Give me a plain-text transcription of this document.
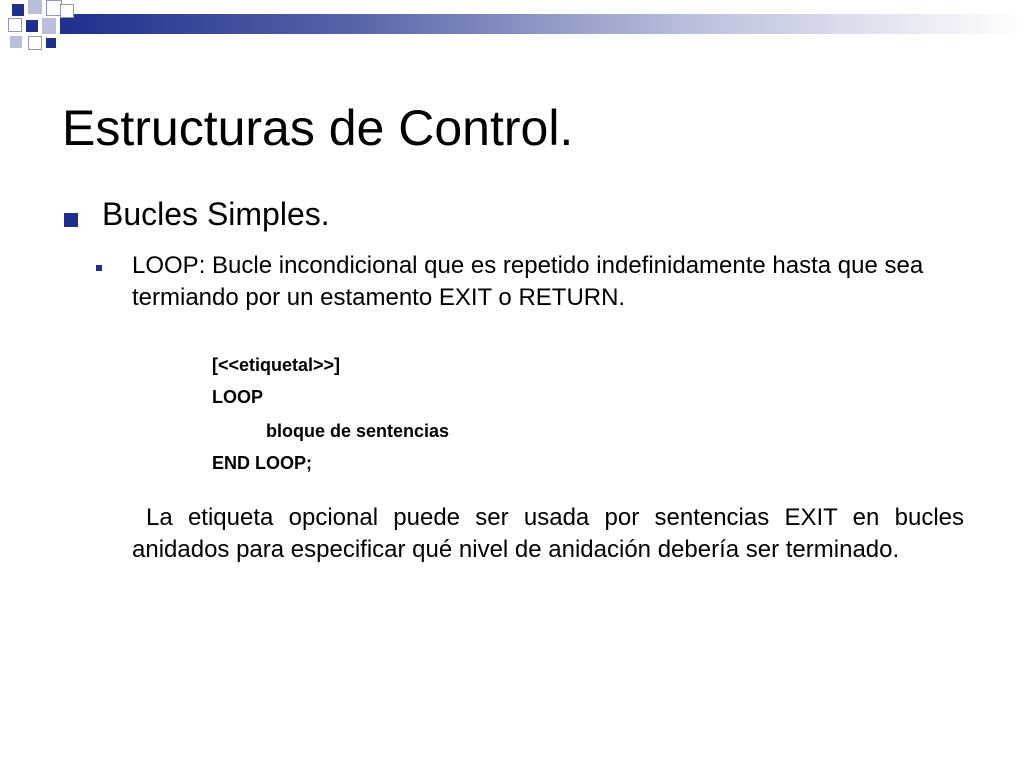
Estructuras de Control.
Bucles Simples.
LOOP: Bucle incondicional que es repetido indefinidamente hasta que sea termiando por un estamento EXIT o RETURN.
[<<etiquetal>>]
LOOP
bloque de sentencias
END LOOP;
La etiqueta opcional puede ser usada por sentencias EXIT en bucles anidados para especificar qué nivel de anidación debería ser terminado.
